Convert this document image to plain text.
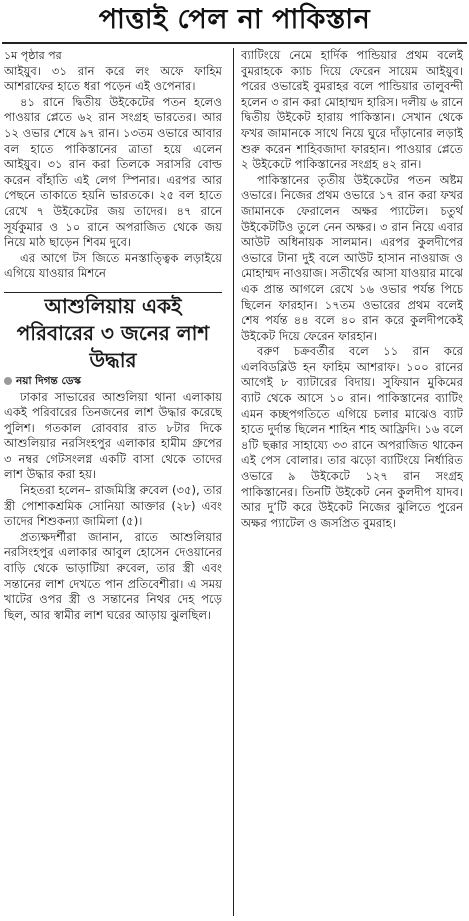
পাত্তাই পেল না পাকিস্তান

১ম পৃষ্ঠার পর

আইয়ুব। ৩১ রান করে লং অফে ফাহিম আশরাফের হাতে ধরা পড়েন এই ওপেনার।

৪১ রানে দ্বিতীয় উইকেটের পতন হলেও পাওয়ার প্লেতে ৬২ রান সংগ্রহ ভারতের। আর ১২ ওভার শেষে ৯৭ রান। ১৩তম ওভারে আবার বল হাতে পাকিস্তানের ত্রাতা হয়ে এলেন আইয়ুব। ৩১ রান করা তিলকে সরাসরি বোল্ড করেন বাঁহাতি এই লেগ স্পিনার। এরপর আর পেছনে তাকাতে হয়নি ভারতকে। ২৫ বল হাতে রেখে ৭ উইকেটের জয় তাদের। ৪৭ রানে সূর্যকুমার ও ১০ রানে অপরাজিত থেকে জয় নিয়ে মাঠ ছাড়েন শিবম দুবে।

এর আগে টস জিতে মনস্তাত্ত্বিক লড়াইয়ে এগিয়ে যাওয়ার মিশনে

আশুলিয়ায় একই পরিবারের ৩ জনের লাশ উদ্ধার

নয়া দিগন্ত ডেস্ক

ঢাকার সাভারের আশুলিয়া থানা এলাকায় একই পরিবারের তিনজনের লাশ উদ্ধার করেছে পুলিশ। গতকাল রোববার রাত ৮টার দিকে আশুলিয়ার নরসিংহপুর এলাকার হামীম গ্রুপের ৩ নম্বর গেটসংলগ্ন একটি বাসা থেকে তাদের লাশ উদ্ধার করা হয়।

নিহতরা হলেন– রাজমিস্ত্রি রুবেল (৩৫), তার স্ত্রী পোশাকশ্রমিক সোনিয়া আক্তার (২৮) এবং তাদের শিশুকন্যা জামিলা (৫)।

প্রত্যক্ষদর্শীরা জানান, রাতে আশুলিয়ার নরসিংহপুর এলাকার আবুল হোসেন দেওয়ানের বাড়ি থেকে ভাড়াটিয়া রুবেল, তার স্ত্রী এবং সন্তানের লাশ দেখতে পান প্রতিবেশীরা। এ সময় খাটের ওপর স্ত্রী ও সন্তানের নিথর দেহ পড়ে ছিল, আর স্বামীর লাশ ঘরের আড়ায় ঝুলছিল।

ব্যাটিংয়ে নেমে হার্দিক পান্ডিয়ার প্রথম বলেই বুমরাহকে ক্যাচ দিয়ে ফেরেন সায়েম আইয়ুব। পরের ওভারেই বুমরাহর বলে পান্ডিয়ার তালুবন্দী হলেন ৩ রান করা মোহাম্মদ হারিস। দলীয় ৬ রানে দ্বিতীয় উইকেট হারায় পাকিস্তান। সেখান থেকে ফখর জামানকে সাথে নিয়ে ঘুরে দাঁড়ানোর লড়াই শুরু করেন শাহিবজাদা ফারহান। পাওয়ার প্লেতে ২ উইকেটে পাকিস্তানের সংগ্রহ ৪২ রান।

পাকিস্তানের তৃতীয় উইকেটের পতন অষ্টম ওভারে। নিজের প্রথম ওভারে ১৭ রান করা ফখর জামানকে ফেরালেন অক্ষর প্যাটেল। চতুর্থ উইকেটটিও তুলে নেন অক্ষর। ৩ রান নিয়ে এবার আউট অধিনায়ক সালমান। এরপর কুলদীপের ওভারে টানা দুই বলে আউট হাসান নাওয়াজ ও মোহাম্মদ নাওয়াজ। সতীর্থের আসা যাওয়ার মাঝে এক প্রান্ত আগলে রেখে ১৬ ওভার পর্যন্ত পিচে ছিলেন ফারহান। ১৭তম ওভারের প্রথম বলেই শেষ পর্যন্ত ৪৪ বলে ৪০ রান করে কুলদীপকেই উইকেট দিয়ে ফেরেন ফারহান।

বরুণ চক্রবর্তীর বলে ১১ রান করে এলবিডব্লিউ হন ফাহিম আশরাফ। ১০০ রানের আগেই ৮ ব্যাটারের বিদায়। সুফিয়ান মুকিমের ব্যাট থেকে আসে ১০ রান। পাকিস্তানের ব্যাটিং এমন কচ্ছপগতিতে এগিয়ে চলার মাঝেও ব্যাট হাতে দুর্দান্ত ছিলেন শাহিন শাহ আফ্রিদি। ১৬ বলে ৪টি ছক্কার সাহায্যে ৩৩ রানে অপরাজিত থাকেন এই পেস বোলার। তার ঝড়ো ব্যাটিংয়ে নির্ধারিত ওভারে ৯ উইকেটে ১২৭ রান সংগ্রহ পাকিস্তানের। তিনটি উইকেট নেন কুলদীপ যাদব। আর দু’টি করে উইকেট নিজের ঝুলিতে পুরেন অক্ষর প্যাটেল ও জসপ্রিত বুমরাহ।
